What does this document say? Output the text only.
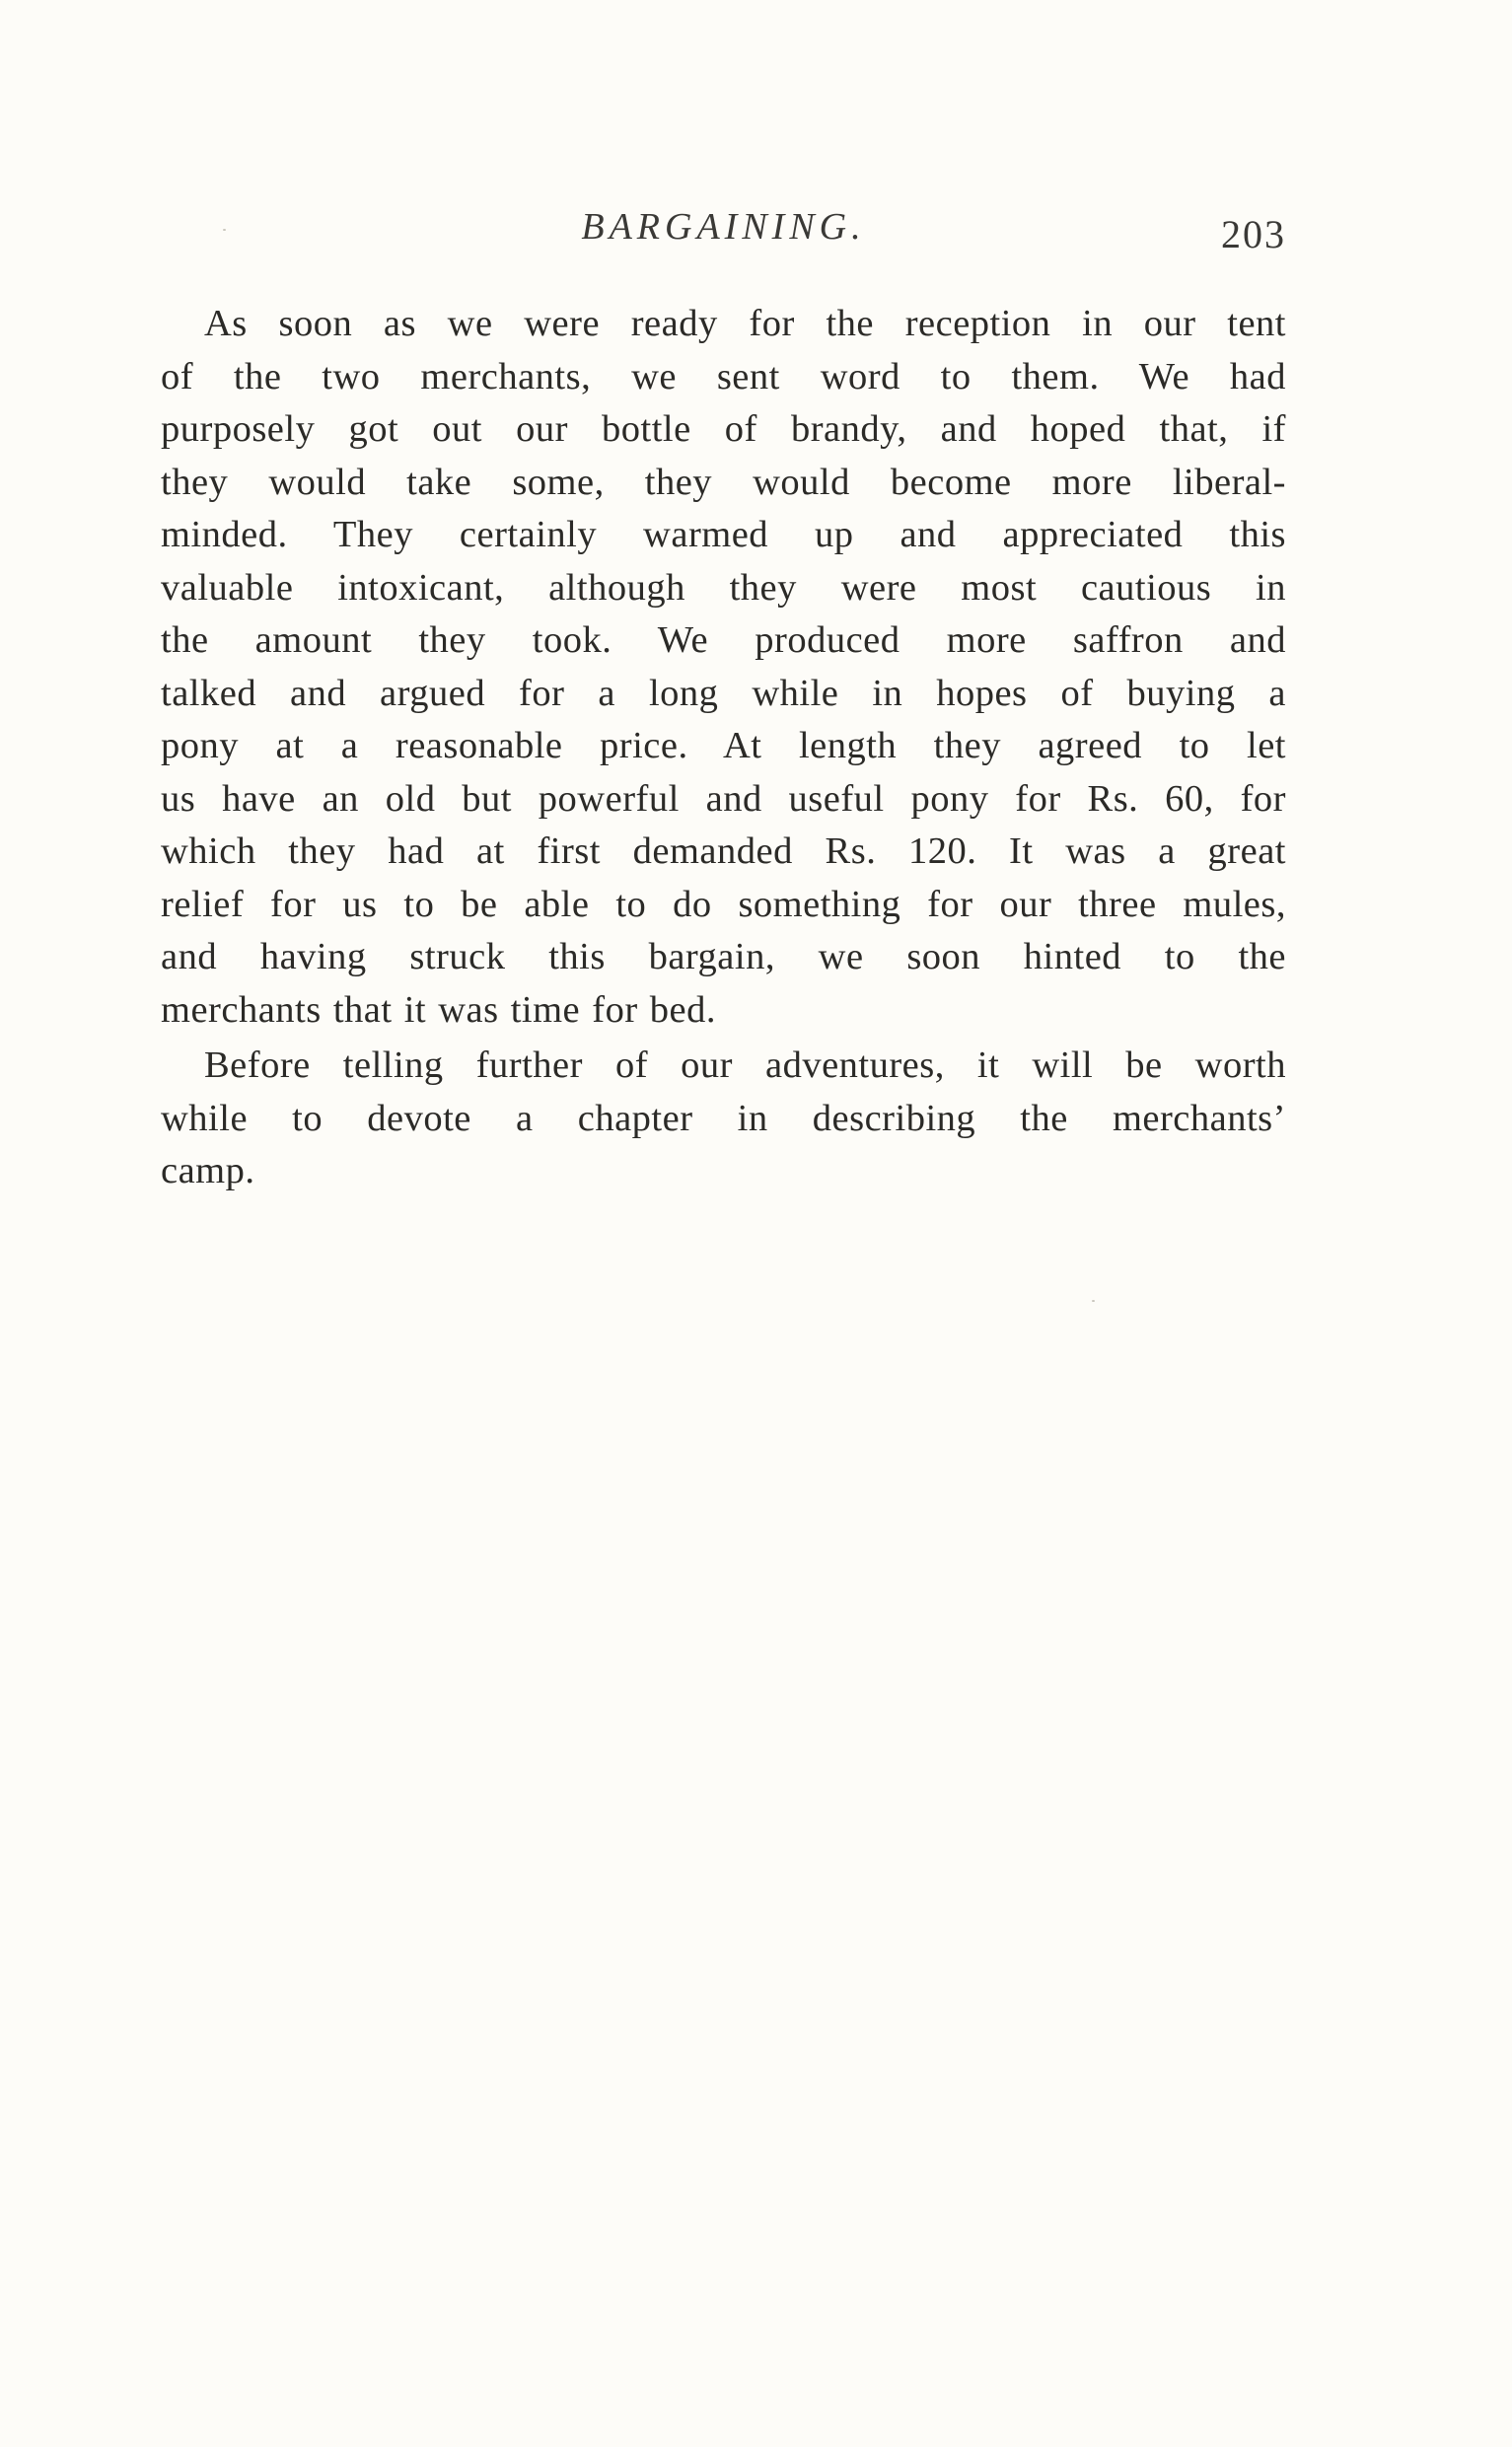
BARGAINING.	203

As soon as we were ready for the reception in our tent
of the two merchants, we sent word to them. We had
purposely got out our bottle of brandy, and hoped that, if
they would take some, they would become more liberal-
minded. They certainly warmed up and appreciated this
valuable intoxicant, although they were most cautious in
the amount they took. We produced more saffron and
talked and argued for a long while in hopes of buying a
pony at a reasonable price. At length they agreed to let
us have an old but powerful and useful pony for Rs. 60, for
which they had at first demanded Rs. 120. It was a great
relief for us to be able to do something for our three mules,
and having struck this bargain, we soon hinted to the
merchants that it was time for bed.

Before telling further of our adventures, it will be worth
while to devote a chapter in describing the merchants’
camp.
